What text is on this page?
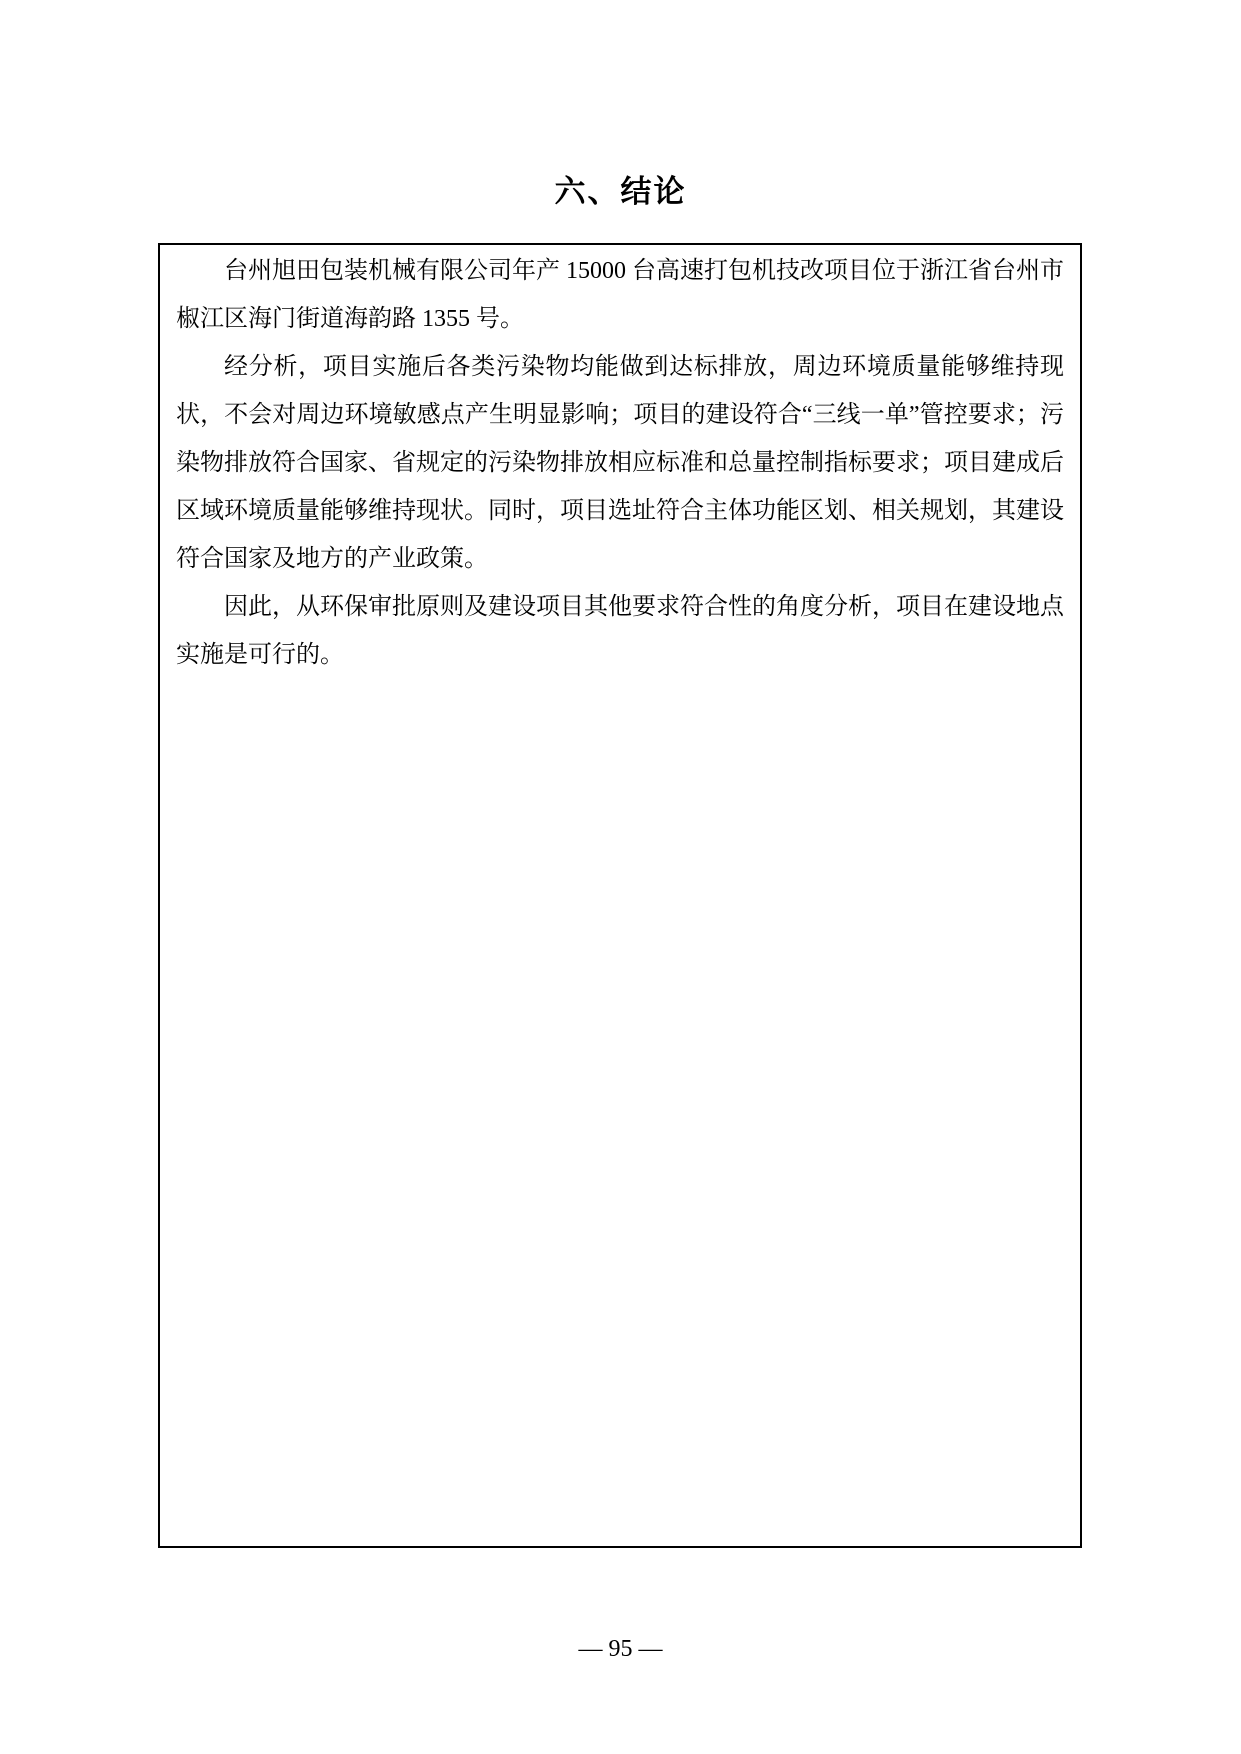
六、结论

台州旭田包装机械有限公司年产 15000 台高速打包机技改项目位于浙江省台州市椒江区海门街道海韵路 1355 号。

经分析，项目实施后各类污染物均能做到达标排放，周边环境质量能够维持现状，不会对周边环境敏感点产生明显影响；项目的建设符合“三线一单”管控要求；污染物排放符合国家、省规定的污染物排放相应标准和总量控制指标要求；项目建成后区域环境质量能够维持现状。同时，项目选址符合主体功能区划、相关规划，其建设符合国家及地方的产业政策。

因此，从环保审批原则及建设项目其他要求符合性的角度分析，项目在建设地点实施是可行的。

— 95 —
